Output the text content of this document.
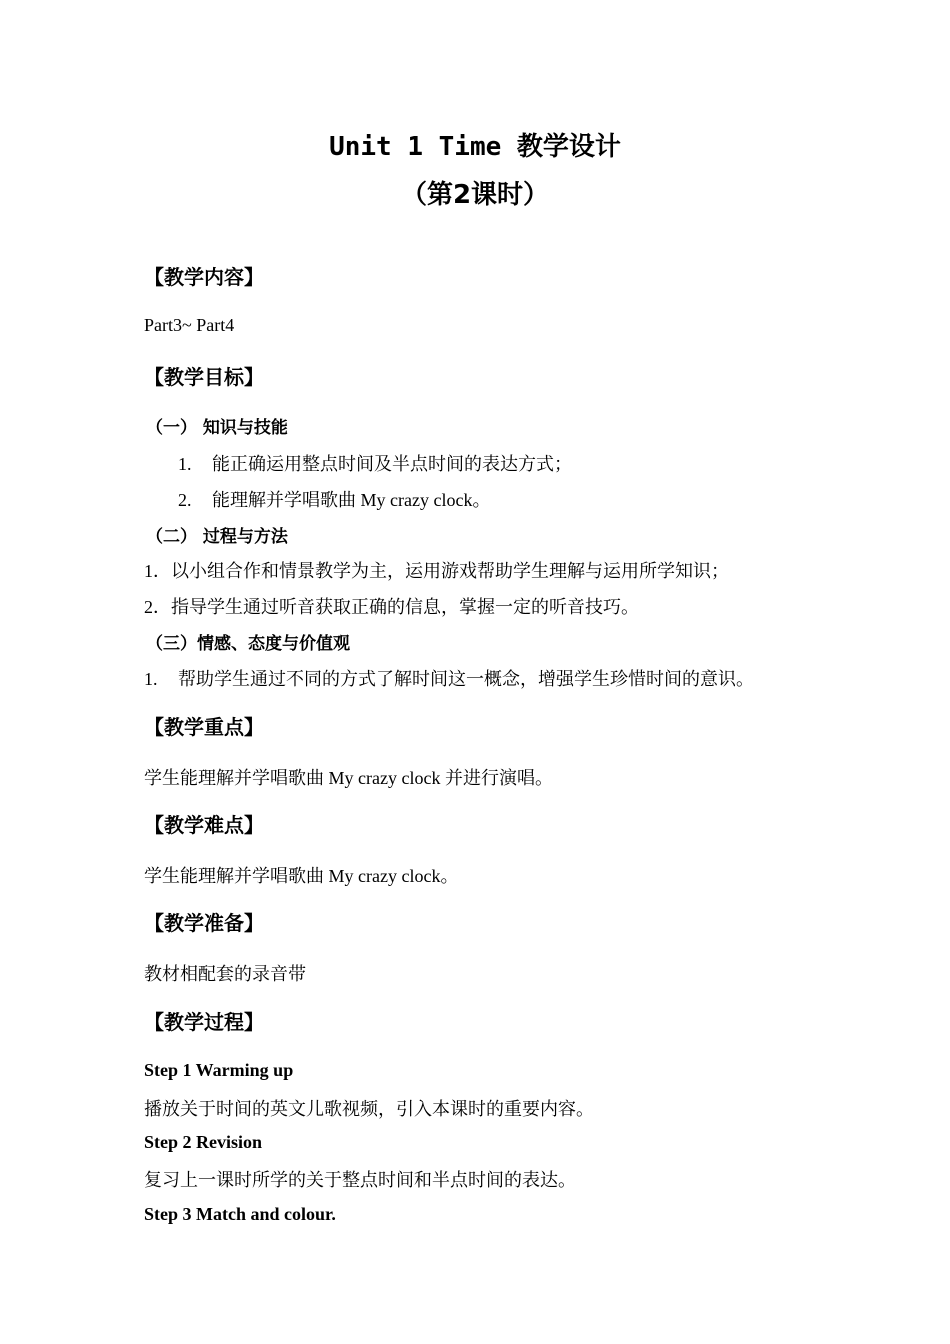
Unit 1 Time 教学设计
（第2课时）
【教学内容】
Part3~ Part4
【教学目标】
（一） 知识与技能
1. 能正确运用整点时间及半点时间的表达方式；
2. 能理解并学唱歌曲 My crazy clock。
（二） 过程与方法
1．以小组合作和情景教学为主，运用游戏帮助学生理解与运用所学知识；
2．指导学生通过听音获取正确的信息，掌握一定的听音技巧。
（三）情感、态度与价值观
1. 帮助学生通过不同的方式了解时间这一概念，增强学生珍惜时间的意识。
【教学重点】
学生能理解并学唱歌曲 My crazy clock 并进行演唱。
【教学难点】
学生能理解并学唱歌曲 My crazy clock。
【教学准备】
教材相配套的录音带
【教学过程】
Step 1 Warming up
播放关于时间的英文儿歌视频，引入本课时的重要内容。
Step 2 Revision
复习上一课时所学的关于整点时间和半点时间的表达。
Step 3 Match and colour.
